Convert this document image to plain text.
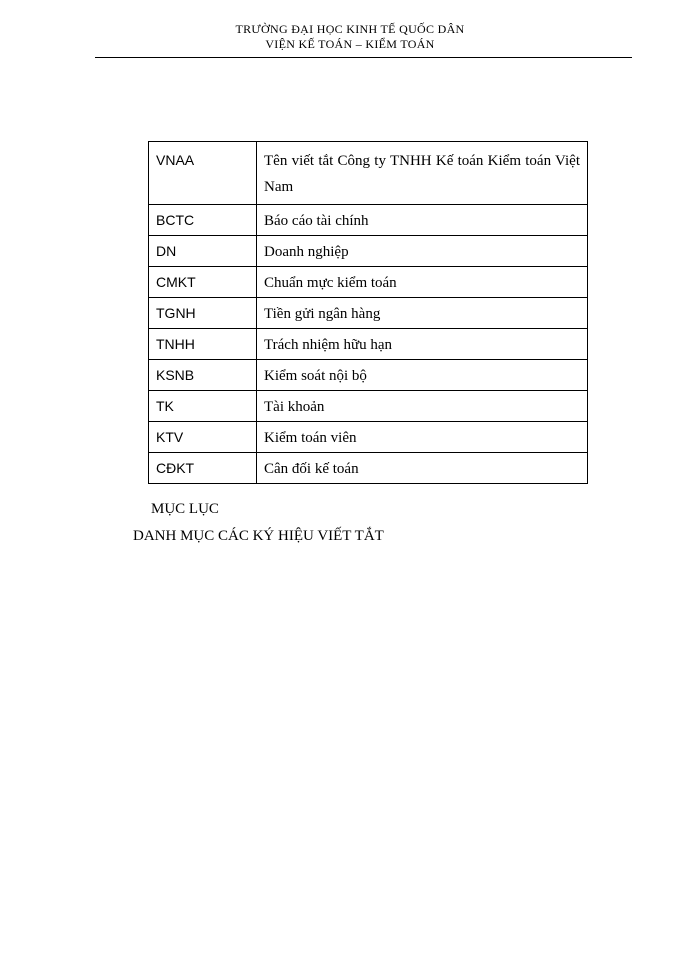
TRƯỜNG ĐẠI HỌC KINH TẾ QUỐC DÂN
VIỆN KẾ TOÁN – KIỂM TOÁN
VNAA	Tên viết tắt Công ty TNHH Kế toán Kiểm toán Việt Nam
BCTC	Báo cáo tài chính
DN	Doanh nghiệp
CMKT	Chuẩn mực kiểm toán
TGNH	Tiền gửi ngân hàng
TNHH	Trách nhiệm hữu hạn
KSNB	Kiểm soát nội bộ
TK	Tài khoản
KTV	Kiểm toán viên
CĐKT	Cân đối kế toán
MỤC LỤC
DANH MỤC CÁC KÝ HIỆU VIẾT TẮT
